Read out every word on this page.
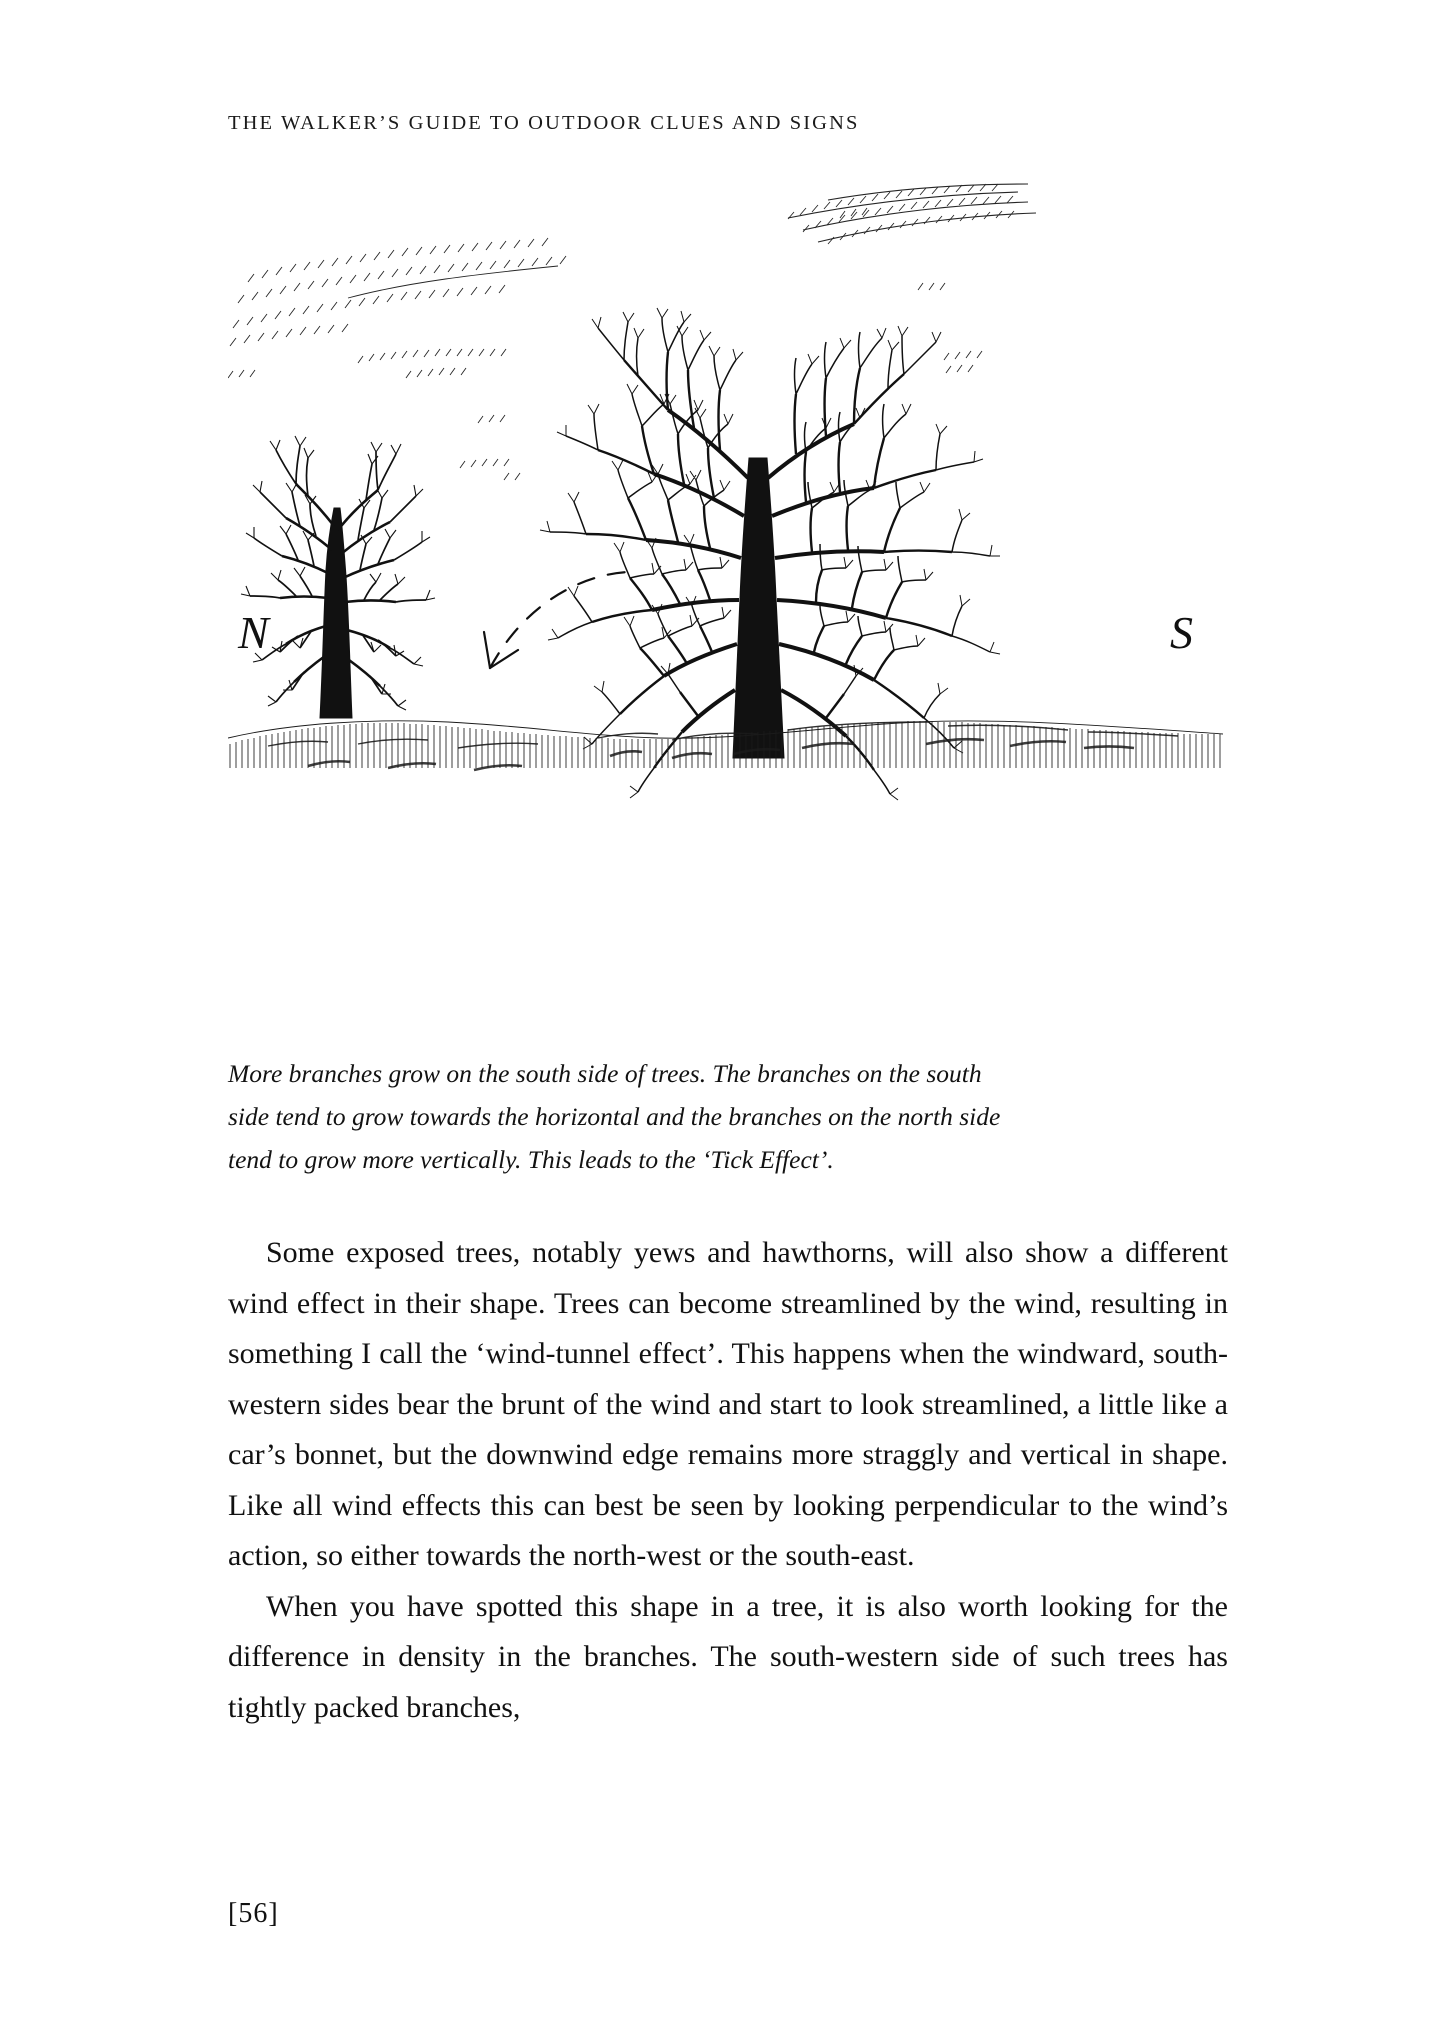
THE WALKER’S GUIDE TO OUTDOOR CLUES AND SIGNS
N	S
More branches grow on the south side of trees. The branches on the south
side tend to grow towards the horizontal and the branches on the north side
tend to grow more vertically. This leads to the ‘Tick Effect’.

Some exposed trees, notably yews and hawthorns, will also show a different wind effect in their shape. Trees can become streamlined by the wind, resulting in something I call the ‘wind-tunnel effect’. This happens when the windward, south-western sides bear the brunt of the wind and start to look streamlined, a little like a car’s bonnet, but the downwind edge remains more straggly and vertical in shape. Like all wind effects this can best be seen by looking perpendicular to the wind’s action, so either towards the north-west or the south-east.

When you have spotted this shape in a tree, it is also worth looking for the difference in density in the branches. The south-western side of such trees has tightly packed branches,

[56]
